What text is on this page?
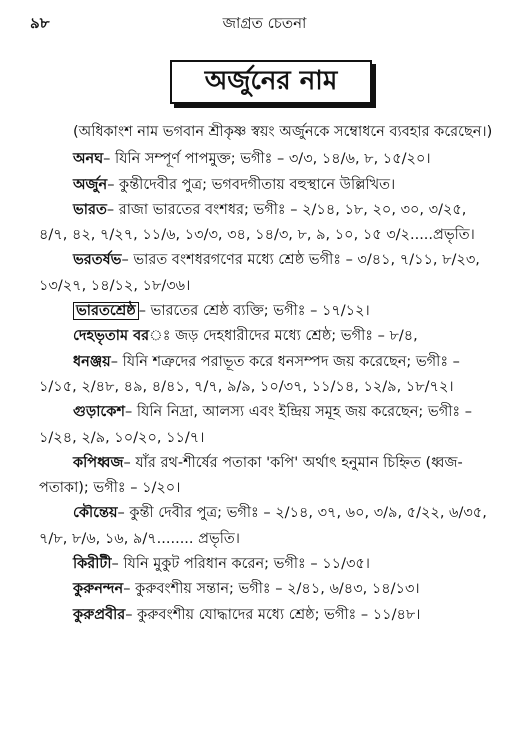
৯৮	জাগ্রত চেতনা
অর্জুনের নাম

(অধিকাংশ নাম ভগবান শ্রীকৃষ্ণ স্বয়ং অর্জুনকে সম্বোধনে ব্যবহার করেছেন।)

অনঘ– যিনি সম্পূর্ণ পাপমুক্ত; ভগীঃ – ৩/৩, ১৪/৬, ৮, ১৫/২০।

অর্জুন– কুন্তীদেবীর পুত্র; ভগবদগীতায় বহুস্থানে উল্লিখিত।

ভারত– রাজা ভারতের বংশধর; ভগীঃ – ২/১৪, ১৮, ২০, ৩০, ৩/২৫, ৪/৭, ৪২, ৭/২৭, ১১/৬, ১৩/৩, ৩৪, ১৪/৩, ৮, ৯, ১০, ১৫ ৩/২.....প্রভৃতি।

ভরতর্ষভ– ভারত বংশধরগণের মধ্যে শ্রেষ্ঠ ভগীঃ – ৩/৪১, ৭/১১, ৮/২৩, ১৩/২৭, ১৪/১২, ১৮/৩৬।

ভারতশ্রেষ্ঠ – ভারতের শ্রেষ্ঠ ব্যক্তি; ভগীঃ – ১৭/১২।

দেহভৃতাম বরঃ জড় দেহধারীদের মধ্যে শ্রেষ্ঠ; ভগীঃ – ৮/৪,

ধনঞ্জয়– যিনি শত্রুদের পরাভূত করে ধনসম্পদ জয় করেছেন; ভগীঃ – ১/১৫, ২/৪৮, ৪৯, ৪/৪১, ৭/৭, ৯/৯, ১০/৩৭, ১১/১৪, ১২/৯, ১৮/৭২।

গুড়াকেশ– যিনি নিদ্রা, আলস্য এবং ইন্দ্রিয় সমূহ জয় করেছেন; ভগীঃ – ১/২৪, ২/৯, ১০/২০, ১১/৭।

কপিধ্বজ– যাঁর রথ-শীর্ষের পতাকা 'কপি' অর্থাৎ হনুমান চিহ্নিত (ধ্বজ-পতাকা); ভগীঃ – ১/২০।

কৌন্তেয়– কুন্তী দেবীর পুত্র; ভগীঃ – ২/১৪, ৩৭, ৬০, ৩/৯, ৫/২২, ৬/৩৫, ৭/৮, ৮/৬, ১৬, ৯/৭........ প্রভৃতি।

কিরীটী– যিনি মুকুট পরিধান করেন; ভগীঃ – ১১/৩৫।

কুরুনন্দন– কুরুবংশীয় সন্তান; ভগীঃ – ২/৪১, ৬/৪৩, ১৪/১৩।

কুরুপ্রবীর– কুরুবংশীয় যোদ্ধাদের মধ্যে শ্রেষ্ঠ; ভগীঃ – ১১/৪৮।
